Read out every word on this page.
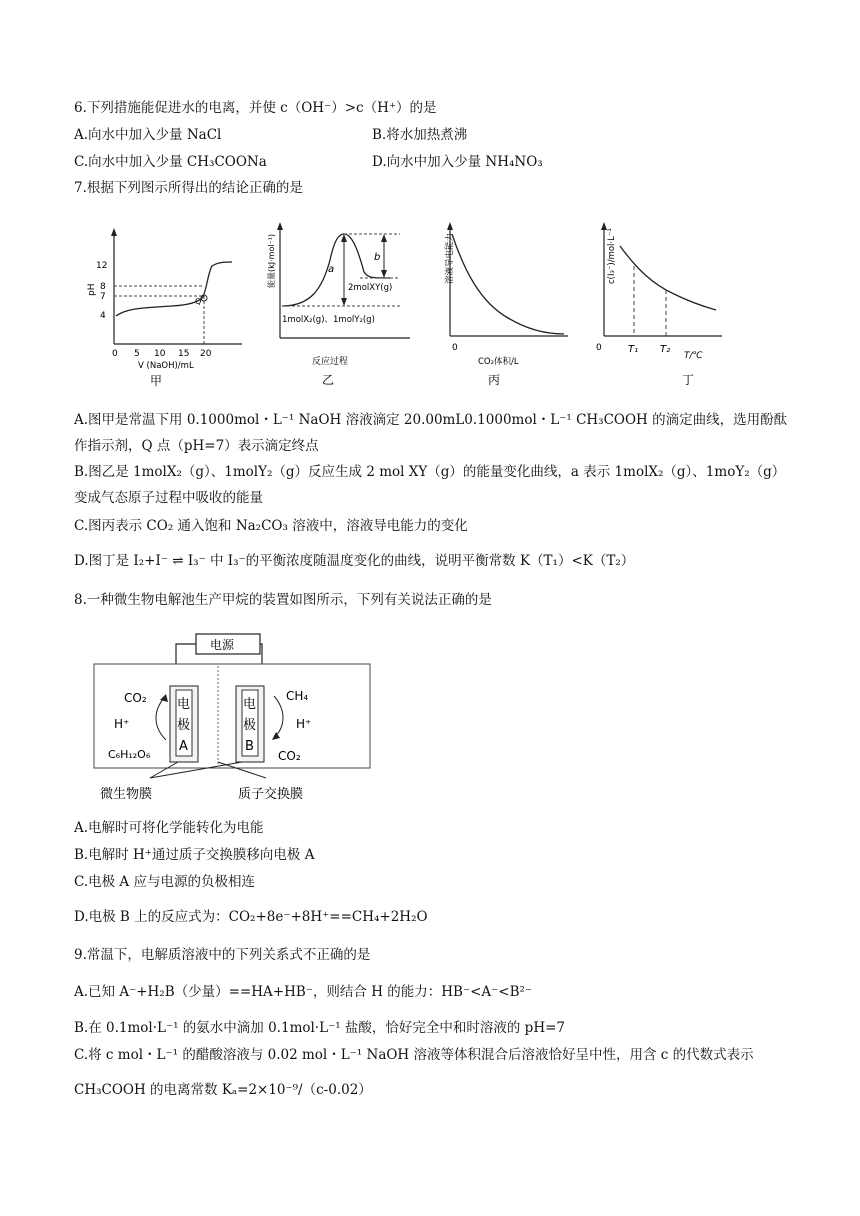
6.下列措施能促进水的电离，并使 c（OH⁻）>c（H⁺）的是
A.向水中加入少量 NaCl	B.将水加热煮沸
C.向水中加入少量 CH₃COONa	D.向水中加入少量 NH₄NO₃
7.根据下列图示所得出的结论正确的是
pH
12
8
7
4
Q
0 5 10 15 20
V (NaOH)/mL
甲
能量(kJ·mol⁻¹)	a
b
2molXY(g)
1molX₂(g)、1molY₂(g)
反应过程
乙
溶液导电能力
0
CO₂体积/L
丙
c(I₃⁻)/mol·L⁻¹
0	T₁ T₂
T/℃
丁
A.图甲是常温下用 0.1000mol・L⁻¹ NaOH 溶液滴定 20.00mL0.1000mol・L⁻¹ CH₃COOH 的滴定曲线，选用酚酞
作指示剂，Q 点（pH=7）表示滴定终点
B.图乙是 1molX₂（g）、1molY₂（g）反应生成 2 mol XY（g）的能量变化曲线，a 表示 1molX₂（g）、1moY₂（g）
变成气态原子过程中吸收的能量
C.图丙表示 CO₂ 通入饱和 Na₂CO₃ 溶液中，溶液导电能力的变化
D.图丁是 I₂+I⁻ ⇌ I₃⁻ 中 I₃⁻的平衡浓度随温度变化的曲线，说明平衡常数 K（T₁）<K（T₂）
8.一种微生物电解池生产甲烷的装置如图所示，下列有关说法正确的是
电源
电
极
A
电
极
B
CO₂
H⁺
C₆H₁₂O₆
CH₄
H⁺
CO₂
微生物膜	质子交换膜
A.电解时可将化学能转化为电能
B.电解时 H⁺通过质子交换膜移向电极 A
C.电极 A 应与电源的负极相连
D.电极 B 上的反应式为：CO₂+8e⁻+8H⁺==CH₄+2H₂O
9.常温下，电解质溶液中的下列关系式不正确的是
A.已知 A⁻+H₂B（少量）==HA+HB⁻，则结合 H 的能力：HB⁻<A⁻<B²⁻
B.在 0.1mol·L⁻¹ 的氨水中滴加 0.1mol·L⁻¹ 盐酸，恰好完全中和时溶液的 pH=7
C.将 c mol・L⁻¹ 的醋酸溶液与 0.02 mol・L⁻¹ NaOH 溶液等体积混合后溶液恰好呈中性，用含 c 的代数式表示
CH₃COOH 的电离常数 Kₐ=2×10⁻⁹/（c-0.02）
